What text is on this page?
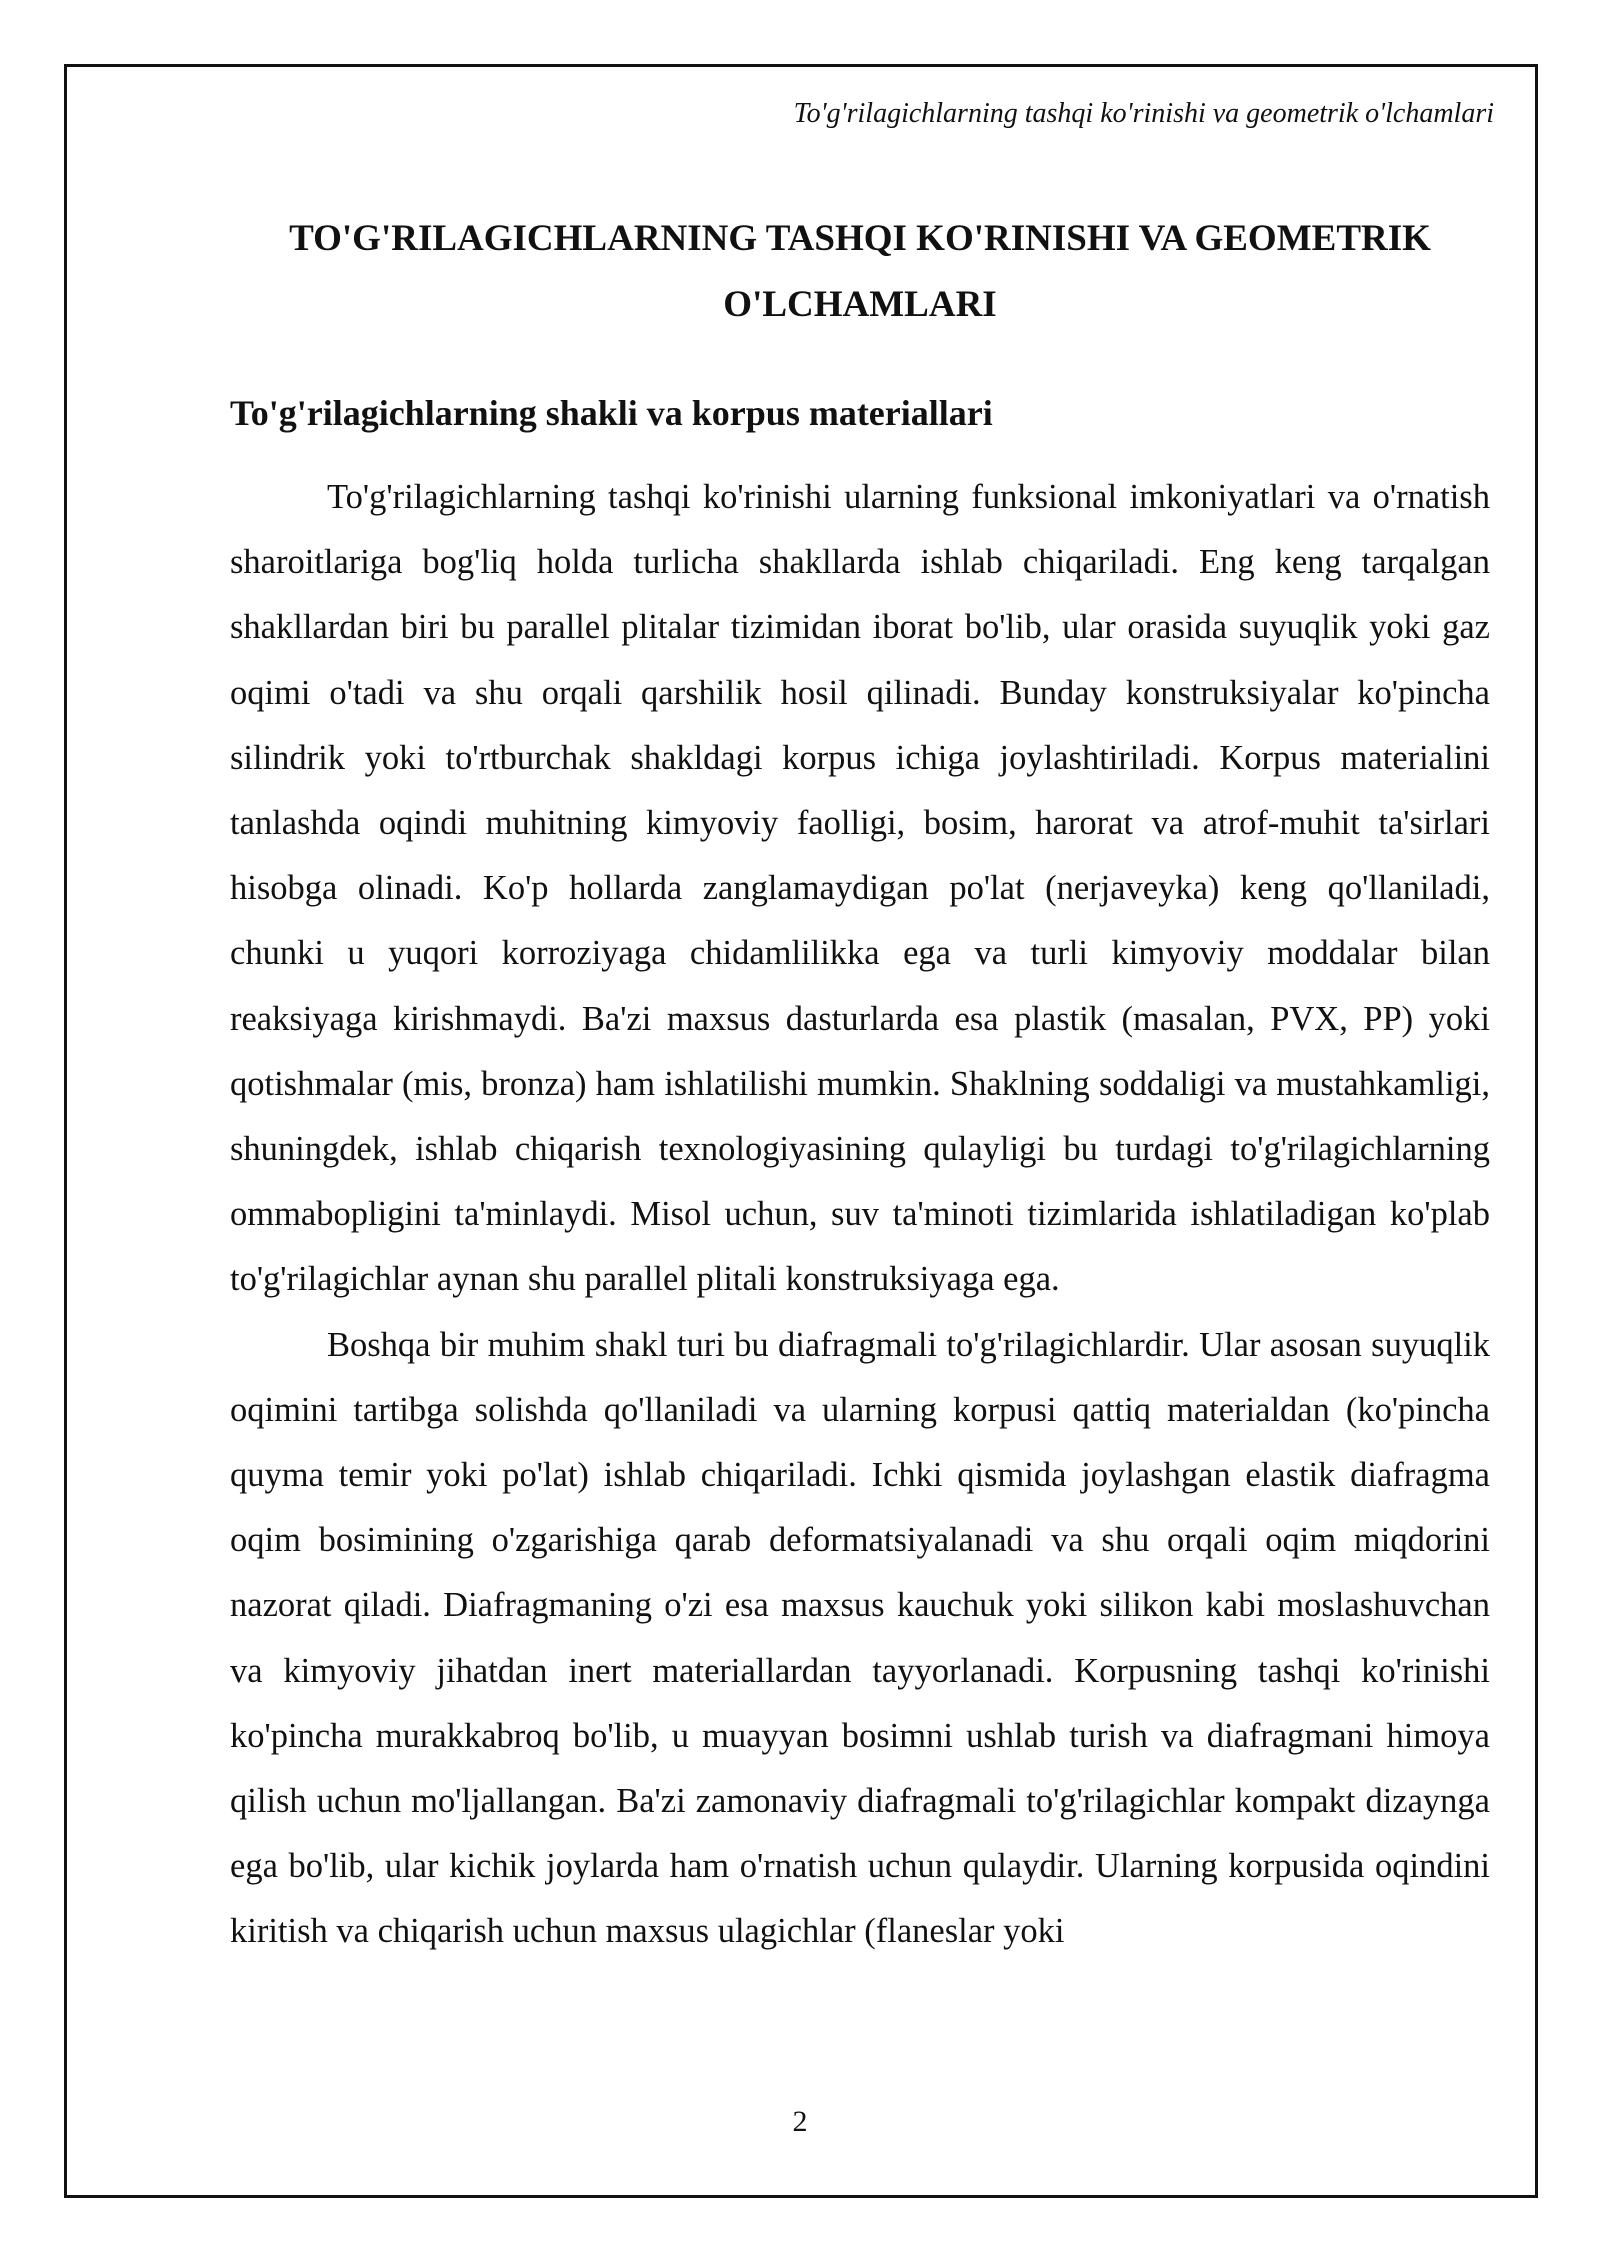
To'g'rilagichlarning tashqi ko'rinishi va geometrik o'lchamlari
TO'G'RILAGICHLARNING TASHQI KO'RINISHI VA GEOMETRIK O'LCHAMLARI
To'g'rilagichlarning shakli va korpus materiallari

To'g'rilagichlarning tashqi ko'rinishi ularning funksional imkoniyatlari va o'rnatish sharoitlariga bog'liq holda turlicha shakllarda ishlab chiqariladi. Eng keng tarqalgan shakllardan biri bu parallel plitalar tizimidan iborat bo'lib, ular orasida suyuqlik yoki gaz oqimi o'tadi va shu orqali qarshilik hosil qilinadi. Bunday konstruksiyalar ko'pincha silindrik yoki to'rtburchak shakldagi korpus ichiga joylashtiriladi. Korpus materialini tanlashda oqindi muhitning kimyoviy faolligi, bosim, harorat va atrof-muhit ta'sirlari hisobga olinadi. Ko'p hollarda zanglamaydigan po'lat (nerjaveyka) keng qo'llaniladi, chunki u yuqori korroziyaga chidamlilikka ega va turli kimyoviy moddalar bilan reaksiyaga kirishmaydi. Ba'zi maxsus dasturlarda esa plastik (masalan, PVX, PP) yoki qotishmalar (mis, bronza) ham ishlatilishi mumkin. Shaklning soddaligi va mustahkamligi, shuningdek, ishlab chiqarish texnologiyasining qulayligi bu turdagi to'g'rilagichlarning ommabopligini ta'minlaydi. Misol uchun, suv ta'minoti tizimlarida ishlatiladigan ko'plab to'g'rilagichlar aynan shu parallel plitali konstruksiyaga ega.

Boshqa bir muhim shakl turi bu diafragmali to'g'rilagichlardir. Ular asosan suyuqlik oqimini tartibga solishda qo'llaniladi va ularning korpusi qattiq materialdan (ko'pincha quyma temir yoki po'lat) ishlab chiqariladi. Ichki qismida joylashgan elastik diafragma oqim bosimining o'zgarishiga qarab deformatsiyalanadi va shu orqali oqim miqdorini nazorat qiladi. Diafragmaning o'zi esa maxsus kauchuk yoki silikon kabi moslashuvchan va kimyoviy jihatdan inert materiallardan tayyorlanadi. Korpusning tashqi ko'rinishi ko'pincha murakkabroq bo'lib, u muayyan bosimni ushlab turish va diafragmani himoya qilish uchun mo'ljallangan. Ba'zi zamonaviy diafragmali to'g'rilagichlar kompakt dizaynga ega bo'lib, ular kichik joylarda ham o'rnatish uchun qulaydir. Ularning korpusida oqindini kiritish va chiqarish uchun maxsus ulagichlar (flaneslar yoki

2
